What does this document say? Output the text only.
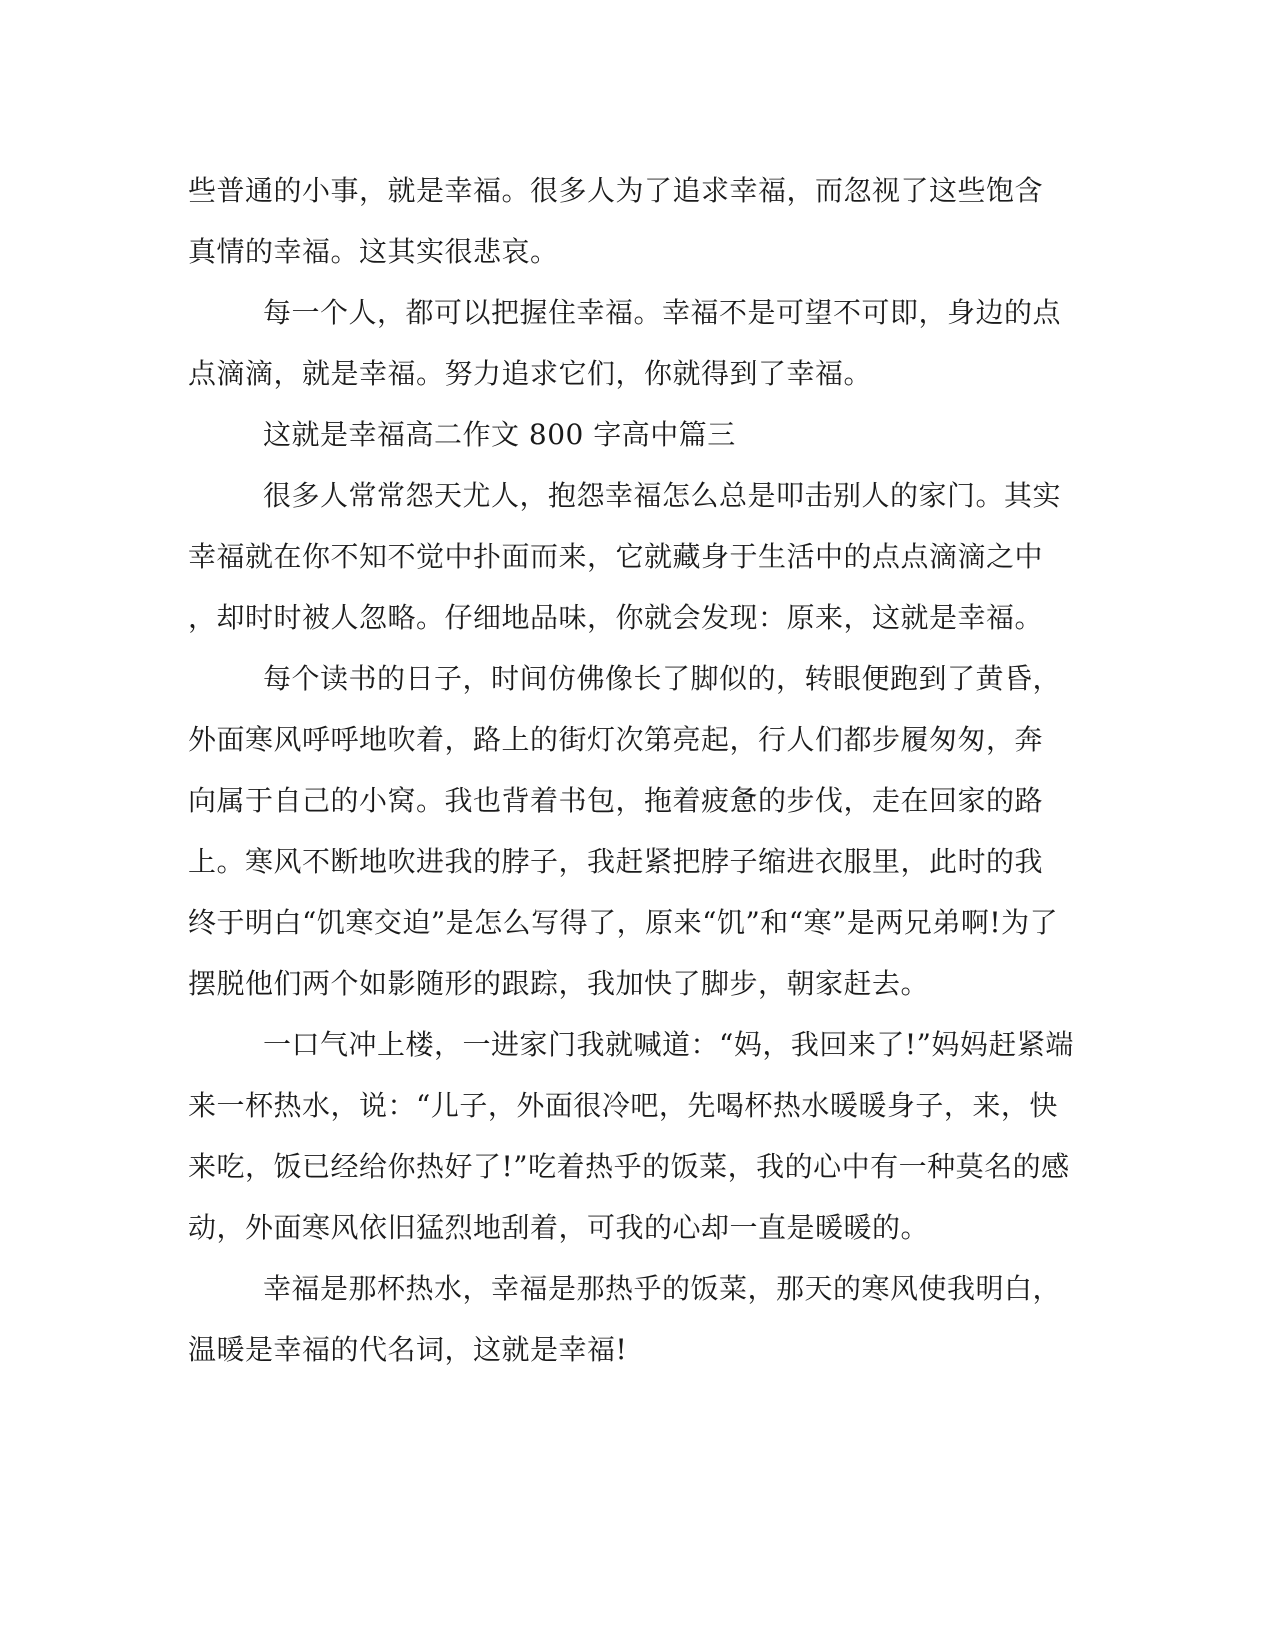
些普通的小事，就是幸福。很多人为了追求幸福，而忽视了这些饱含
真情的幸福。这其实很悲哀。
每一个人，都可以把握住幸福。幸福不是可望不可即，身边的点
点滴滴，就是幸福。努力追求它们，你就得到了幸福。
这就是幸福高二作文 800 字高中篇三
很多人常常怨天尤人，抱怨幸福怎么总是叩击别人的家门。其实
幸福就在你不知不觉中扑面而来，它就藏身于生活中的点点滴滴之中
，却时时被人忽略。仔细地品味，你就会发现：原来，这就是幸福。
每个读书的日子，时间仿佛像长了脚似的，转眼便跑到了黄昏，
外面寒风呼呼地吹着，路上的街灯次第亮起，行人们都步履匆匆，奔
向属于自己的小窝。我也背着书包，拖着疲惫的步伐，走在回家的路
上。寒风不断地吹进我的脖子，我赶紧把脖子缩进衣服里，此时的我
终于明白“饥寒交迫”是怎么写得了，原来“饥”和“寒”是两兄弟啊!为了
摆脱他们两个如影随形的跟踪，我加快了脚步，朝家赶去。
一口气冲上楼，一进家门我就喊道：“妈，我回来了!”妈妈赶紧端
来一杯热水，说：“儿子，外面很冷吧，先喝杯热水暖暖身子，来，快
来吃，饭已经给你热好了!”吃着热乎的饭菜，我的心中有一种莫名的感
动，外面寒风依旧猛烈地刮着，可我的心却一直是暖暖的。
幸福是那杯热水，幸福是那热乎的饭菜，那天的寒风使我明白，
温暖是幸福的代名词，这就是幸福!
